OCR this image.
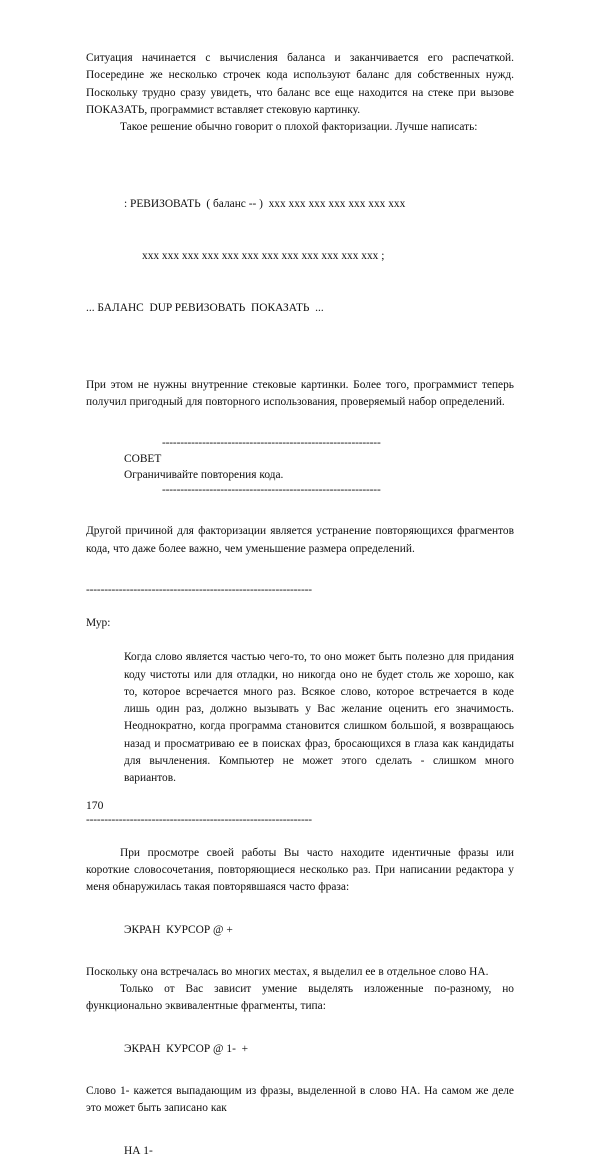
Ситуация начинается с вычисления баланса и заканчивается его распечаткой. Посередине же несколько строчек кода используют баланс для собственных нужд. Поскольку трудно сразу увидеть, что баланс все еще находится на стеке при вызове ПОКАЗАТЬ, программист вставляет стековую картинку.

Такое решение обычно говорит о плохой факторизации. Лучше написать:

: РЕВИЗОВАТЬ  ( баланс -- )  ххх ххх ххх ххх ххх ххх ххх

ххх ххх ххх ххх ххх ххх ххх ххх ххх ххх ххх ххх ;

... БАЛАНС  DUP РЕВИЗОВАТЬ  ПОКАЗАТЬ  ...

При этом не нужны внутренние стековые картинки. Более того, программист теперь получил пригодный для повторного использования, проверяемый набор определений.

------------------------------------------------------------
СОВЕТ
Ограничивайте повторения кода.
------------------------------------------------------------

Другой причиной для факторизации является устранение повторяющихся фрагментов кода, что даже более важно, чем уменьшение размера определений.

--------------------------------------------------------------

Мур:

Когда слово является частью чего-то, то оно может быть полезно для придания коду чистоты или для отладки, но никогда оно не будет столь же хорошо, как то, которое всречается много раз. Всякое слово, которое встречается в коде лишь один раз, должно вызывать у Вас желание оценить его значимость. Неоднократно, когда программа становится слишком большой, я возвращаюсь назад и просматриваю ее в поисках фраз, бросающихся в глаза как кандидаты для вычленения. Компьютер не может этого сделать - слишком много вариантов.

--------------------------------------------------------------

При просмотре своей работы Вы часто находите идентичные фразы или короткие словосочетания, повторяющиеся несколько раз. При написании редактора у меня обнаружилась такая повторявшаяся часто фраза:

ЭКРАН  КУРСОР @ +

Поскольку она встречалась во многих местах, я выделил ее в отдельное слово НА.

Только от Вас зависит умение выделять изложенные по-разному, но функционально эквивалентные фрагменты, типа:

ЭКРАН  КУРСОР @ 1-  +

Слово 1- кажется выпадающим из фразы, выделенной в слово НА. На самом же деле это может быть записано как

НА 1-
170
